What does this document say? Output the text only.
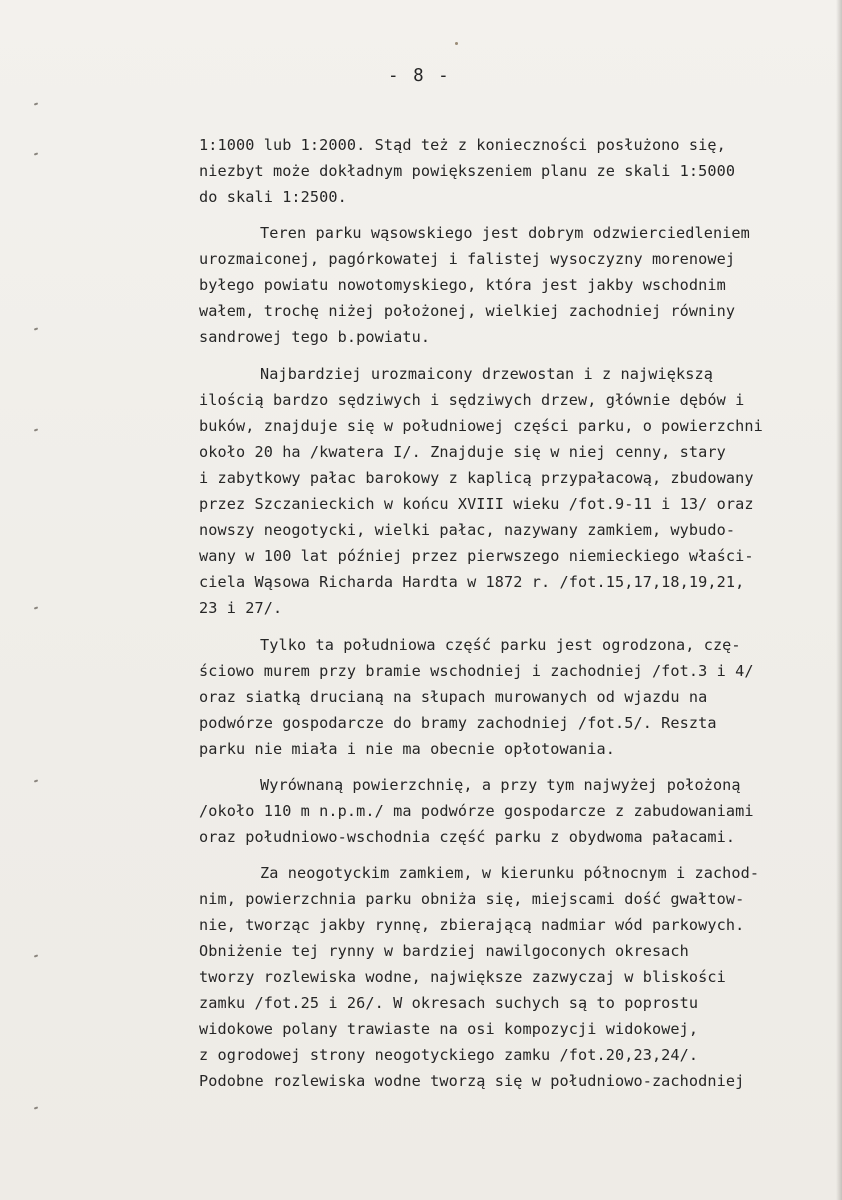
- 8 -
1:1000 lub 1:2000. Stąd też z konieczności posłużono się,
niezbyt może dokładnym powiększeniem planu ze skali 1:5000
do skali 1:2500.
Teren parku wąsowskiego jest dobrym odzwierciedleniem
urozmaiconej, pagórkowatej i falistej wysoczyzny morenowej
byłego powiatu nowotomyskiego, która jest jakby wschodnim
wałem, trochę niżej położonej, wielkiej zachodniej równiny
sandrowej tego b.powiatu.
Najbardziej urozmaicony drzewostan i z największą
ilością bardzo sędziwych i sędziwych drzew, głównie dębów i
buków, znajduje się w południowej części parku, o powierzchni
około 20 ha /kwatera I/. Znajduje się w niej cenny, stary
i zabytkowy pałac barokowy z kaplicą przypałacową, zbudowany
przez Szczanieckich w końcu XVIII wieku /fot.9-11 i 13/ oraz
nowszy neogotycki, wielki pałac, nazywany zamkiem, wybudo-
wany w 100 lat później przez pierwszego niemieckiego właści-
ciela Wąsowa Richarda Hardta w 1872 r. /fot.15,17,18,19,21,
23 i 27/.
Tylko ta południowa część parku jest ogrodzona, czę-
ściowo murem przy bramie wschodniej i zachodniej /fot.3 i 4/
oraz siatką drucianą na słupach murowanych od wjazdu na
podwórze gospodarcze do bramy zachodniej /fot.5/. Reszta
parku nie miała i nie ma obecnie opłotowania.
Wyrównaną powierzchnię, a przy tym najwyżej położoną
/około 110 m n.p.m./ ma podwórze gospodarcze z zabudowaniami
oraz południowo-wschodnia część parku z obydwoma pałacami.
Za neogotyckim zamkiem, w kierunku północnym i zachod-
nim, powierzchnia parku obniża się, miejscami dość gwałtow-
nie, tworząc jakby rynnę, zbierającą nadmiar wód parkowych.
Obniżenie tej rynny w bardziej nawilgoconych okresach
tworzy rozlewiska wodne, największe zazwyczaj w bliskości
zamku /fot.25 i 26/. W okresach suchych są to poprostu
widokowe polany trawiaste na osi kompozycji widokowej,
z ogrodowej strony neogotyckiego zamku /fot.20,23,24/.
Podobne rozlewiska wodne tworzą się w południowo-zachodniej
